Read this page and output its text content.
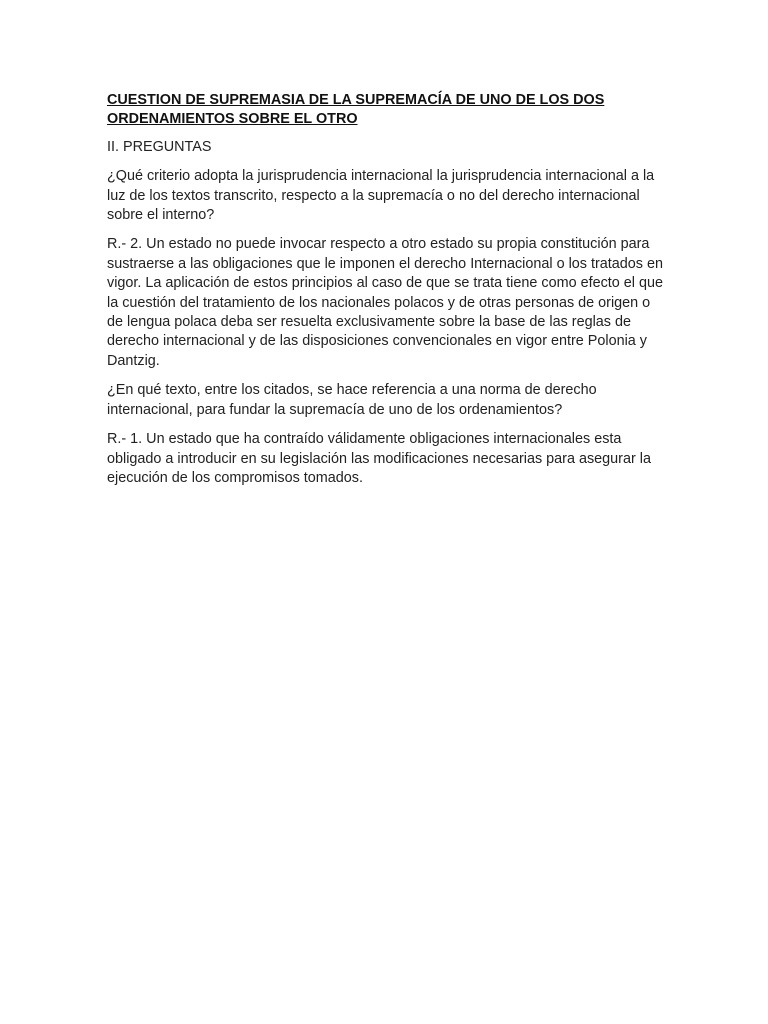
CUESTION DE SUPREMASIA DE LA SUPREMACÍA DE UNO DE LOS DOS ORDENAMIENTOS SOBRE EL OTRO
II. PREGUNTAS
¿Qué criterio adopta la jurisprudencia internacional la jurisprudencia internacional a la luz de los textos transcrito, respecto a la supremacía o no del derecho internacional sobre el interno?
R.- 2. Un estado no puede invocar respecto a otro estado su propia constitución para sustraerse a las obligaciones que le imponen el derecho Internacional o los tratados en vigor. La aplicación de estos principios al caso de que se trata tiene como efecto el que la cuestión del tratamiento de los nacionales polacos y de otras personas de origen o de lengua polaca deba ser resuelta exclusivamente sobre la base de las reglas de derecho internacional y de las disposiciones convencionales en vigor entre Polonia y Dantzig.
¿En qué texto, entre los citados, se hace referencia a una norma de derecho internacional, para fundar la supremacía de uno de los ordenamientos?
R.- 1. Un estado que ha contraído válidamente obligaciones internacionales esta obligado a introducir en su legislación las modificaciones necesarias para asegurar la ejecución de los compromisos tomados.
